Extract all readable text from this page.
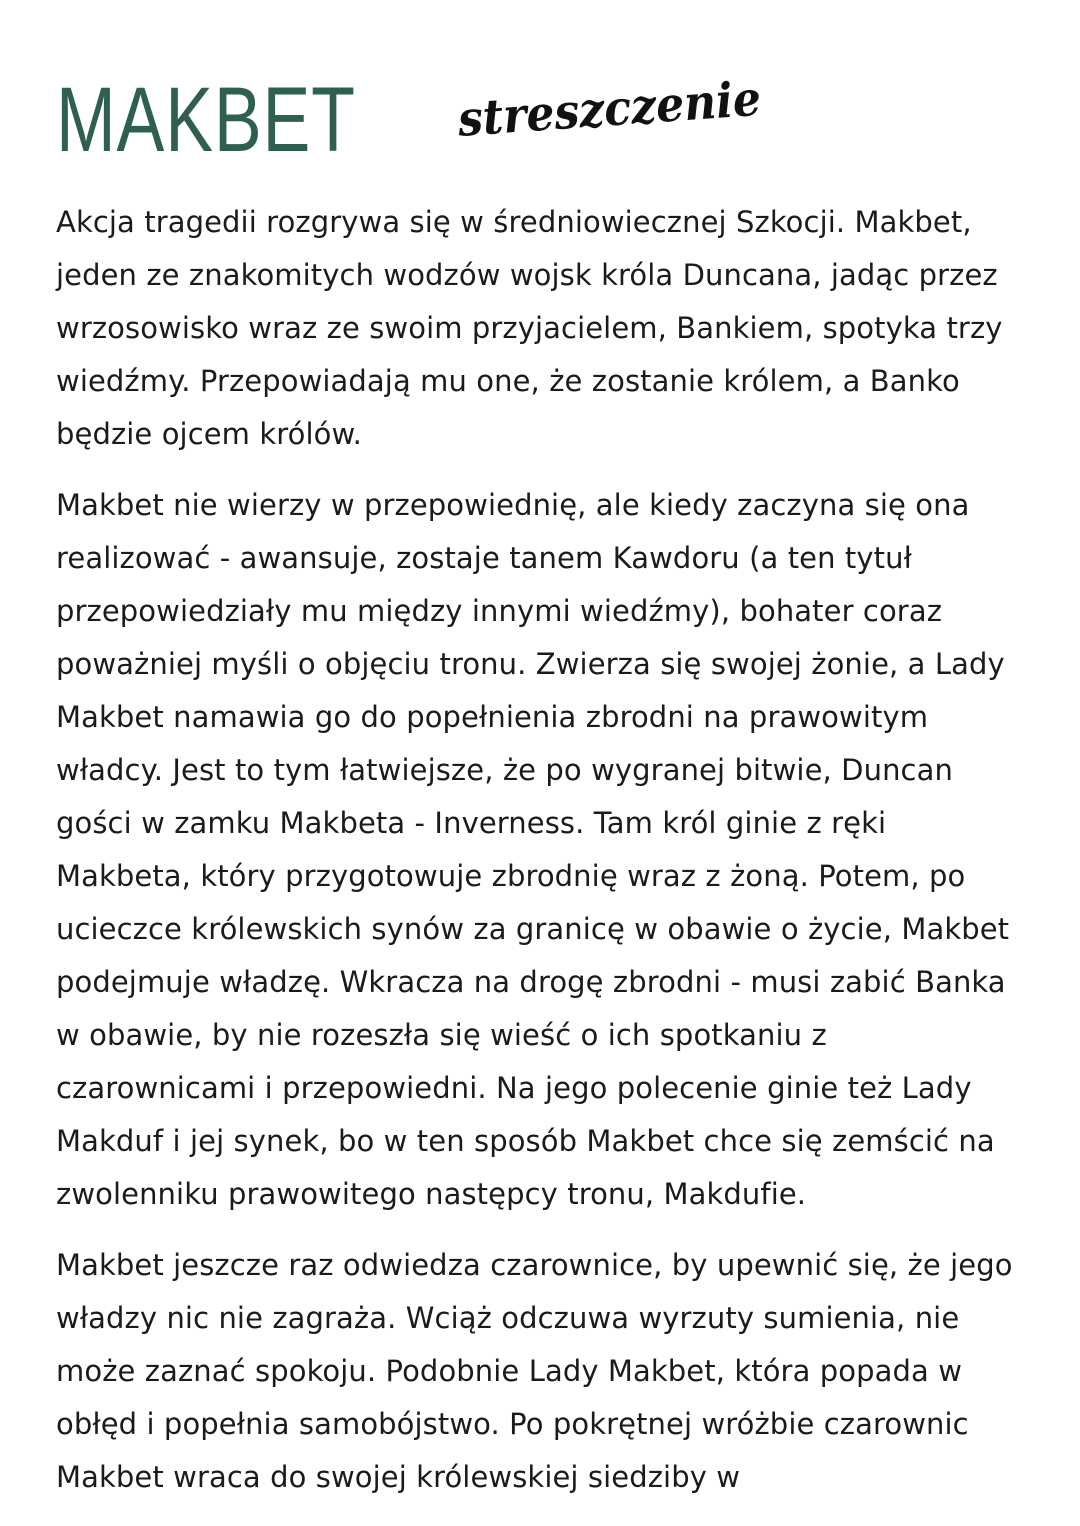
MAKBET streszczenie

Akcja tragedii rozgrywa się w średniowiecznej Szkocji. Makbet, jeden ze znakomitych wodzów wojsk króla Duncana, jadąc przez wrzosowisko wraz ze swoim przyjacielem, Bankiem, spotyka trzy wiedźmy. Przepowiadają mu one, że zostanie królem, a Banko będzie ojcem królów.

Makbet nie wierzy w przepowiednię, ale kiedy zaczyna się ona realizować - awansuje, zostaje tanem Kawdoru (a ten tytuł przepowiedziały mu między innymi wiedźmy), bohater coraz poważniej myśli o objęciu tronu. Zwierza się swojej żonie, a Lady Makbet namawia go do popełnienia zbrodni na prawowitym władcy. Jest to tym łatwiejsze, że po wygranej bitwie, Duncan gości w zamku Makbeta - Inverness. Tam król ginie z ręki Makbeta, który przygotowuje zbrodnię wraz z żoną. Potem, po ucieczce królewskich synów za granicę w obawie o życie, Makbet podejmuje władzę. Wkracza na drogę zbrodni - musi zabić Banka w obawie, by nie rozeszła się wieść o ich spotkaniu z czarownicami i przepowiedni. Na jego polecenie ginie też Lady Makduf i jej synek, bo w ten sposób Makbet chce się zemścić na zwolenniku prawowitego następcy tronu, Makdufie.

Makbet jeszcze raz odwiedza czarownice, by upewnić się, że jego władzy nic nie zagraża. Wciąż odczuwa wyrzuty sumienia, nie może zaznać spokoju. Podobnie Lady Makbet, która popada w obłęd i popełnia samobójstwo. Po pokrętnej wróżbie czarownic Makbet wraca do swojej królewskiej siedziby w
